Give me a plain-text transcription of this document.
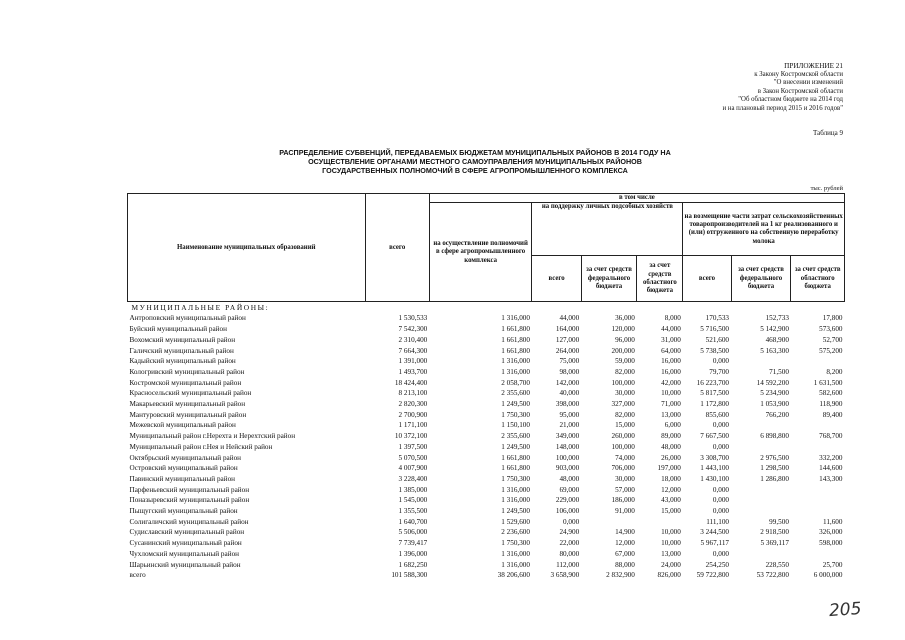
ПРИЛОЖЕНИЕ 21
к Закону Костромской области
"О внесении изменений
в Закон Костромской области
"Об областном бюджете на 2014 год
и на плановый период 2015 и 2016 годов"
Таблица 9
РАСПРЕДЕЛЕНИЕ СУБВЕНЦИЙ, ПЕРЕДАВАЕМЫХ БЮДЖЕТАМ МУНИЦИПАЛЬНЫХ РАЙОНОВ В 2014 ГОДУ НА
ОСУЩЕСТВЛЕНИЕ ОРГАНАМИ МЕСТНОГО САМОУПРАВЛЕНИЯ МУНИЦИПАЛЬНЫХ РАЙОНОВ
ГОСУДАРСТВЕННЫХ ПОЛНОМОЧИЙ В СФЕРЕ АГРОПРОМЫШЛЕННОГО КОМПЛЕКСА
тыс. рублей
Наименование муниципальных образований	всего	в том числе						
		на осуществление полномочий в сфере агропромышленного комплекса	на поддержку личных подсобных хозяйств			на возмещение части затрат сельскохозяйственных товаропроизводителей на 1 кг реализованного и (или) отгруженного на собственную переработку молока		
			всего	за счет средств федерального бюджета	за счет средств областного бюджета	всего	за счет средств федерального бюджета	за счет средств областного бюджета
МУНИЦИПАЛЬНЫЕ РАЙОНЫ:								
Антроповский муниципальный район	1 530,533	1 316,000	44,000	36,000	8,000	170,533	152,733	17,800
Буйский муниципальный район	7 542,300	1 661,800	164,000	120,000	44,000	5 716,500	5 142,900	573,600
Вохомский муниципальный район	2 310,400	1 661,800	127,000	96,000	31,000	521,600	468,900	52,700
Галичский муниципальный район	7 664,300	1 661,800	264,000	200,000	64,000	5 738,500	5 163,300	575,200
Кадыйский муниципальный район	1 391,000	1 316,000	75,000	59,000	16,000	0,000		
Кологривский муниципальный район	1 493,700	1 316,000	98,000	82,000	16,000	79,700	71,500	8,200
Костромской муниципальный район	18 424,400	2 058,700	142,000	100,000	42,000	16 223,700	14 592,200	1 631,500
Красносельский муниципальный район	8 213,100	2 355,600	40,000	30,000	10,000	5 817,500	5 234,900	582,600
Макарьевский муниципальный район	2 820,300	1 249,500	398,000	327,000	71,000	1 172,800	1 053,900	118,900
Мантуровский муниципальный район	2 700,900	1 750,300	95,000	82,000	13,000	855,600	766,200	89,400
Межевской муниципальный район	1 171,100	1 150,100	21,000	15,000	6,000	0,000		
Муниципальный район г.Нерехта и Нерехтский район	10 372,100	2 355,600	349,000	260,000	89,000	7 667,500	6 898,800	768,700
Муниципальный район г.Нея и Нейский район	1 397,500	1 249,500	148,000	100,000	48,000	0,000		
Октябрьский муниципальный район	5 070,500	1 661,800	100,000	74,000	26,000	3 308,700	2 976,500	332,200
Островский муниципальный район	4 007,900	1 661,800	903,000	706,000	197,000	1 443,100	1 298,500	144,600
Павинский муниципальный район	3 228,400	1 750,300	48,000	30,000	18,000	1 430,100	1 286,800	143,300
Парфеньевский муниципальный район	1 385,000	1 316,000	69,000	57,000	12,000	0,000		
Поназыревский муниципальный район	1 545,000	1 316,000	229,000	186,000	43,000	0,000		
Пыщугский муниципальный район	1 355,500	1 249,500	106,000	91,000	15,000	0,000		
Солигаличский муниципальный район	1 640,700	1 529,600	0,000			111,100	99,500	11,600
Судиславский муниципальный район	5 506,000	2 236,600	24,900	14,900	10,000	3 244,500	2 918,500	326,000
Сусанинский муниципальный район	7 739,417	1 750,300	22,000	12,000	10,000	5 967,117	5 369,117	598,000
Чухломский муниципальный район	1 396,000	1 316,000	80,000	67,000	13,000	0,000		
Шарьинский муниципальный район	1 682,250	1 316,000	112,000	88,000	24,000	254,250	228,550	25,700
всего	101 588,300	38 206,600	3 658,900	2 832,900	826,000	59 722,800	53 722,800	6 000,000
205
